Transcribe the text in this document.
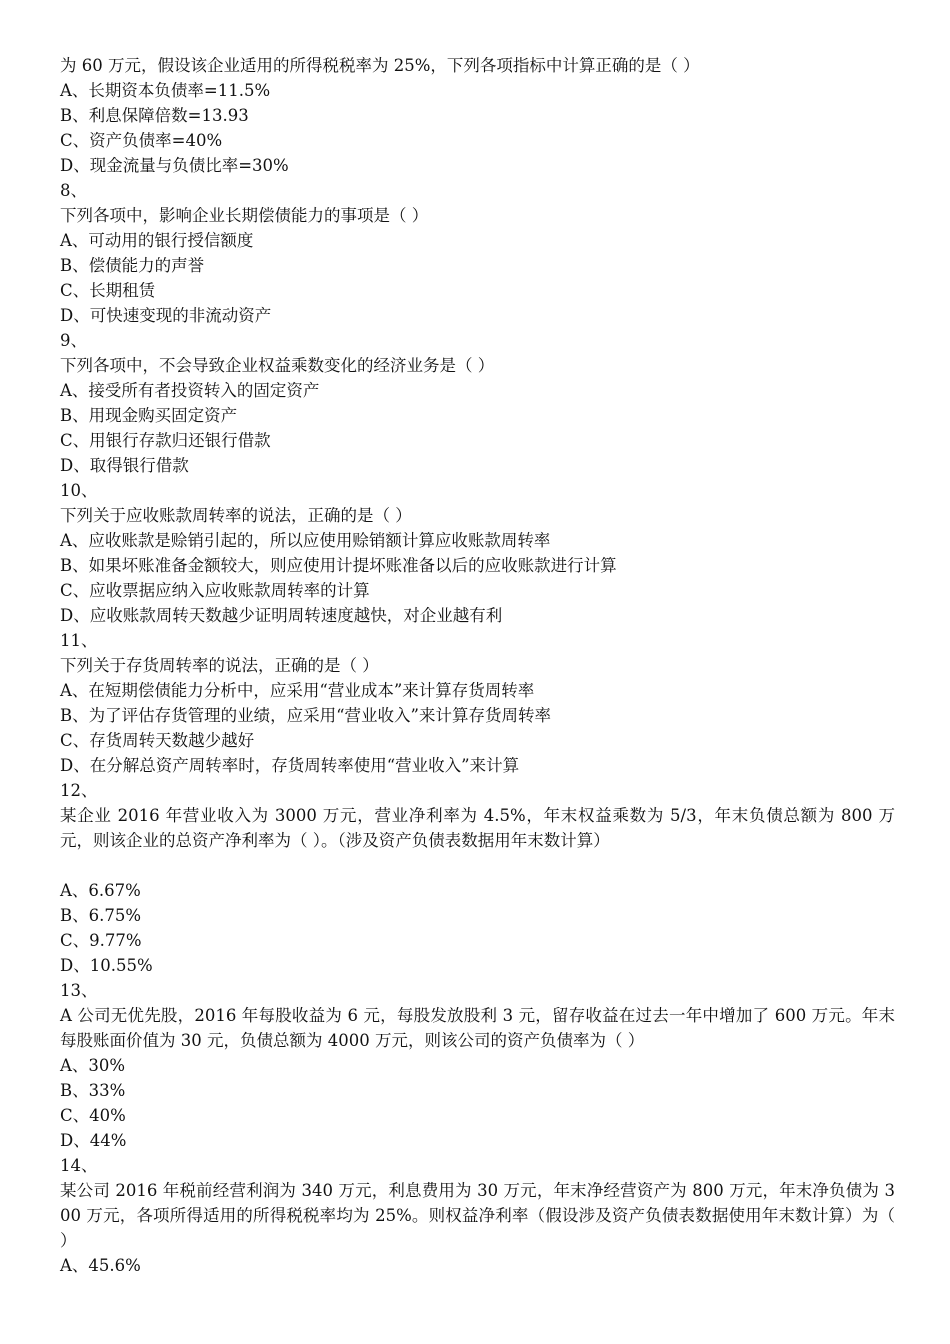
为 60 万元，假设该企业适用的所得税税率为 25%，下列各项指标中计算正确的是（ ）
A、长期资本负债率=11.5%
B、利息保障倍数=13.93
C、资产负债率=40%
D、现金流量与负债比率=30%
8、
下列各项中，影响企业长期偿债能力的事项是（ ）
A、可动用的银行授信额度
B、偿债能力的声誉
C、长期租赁
D、可快速变现的非流动资产
9、
下列各项中，不会导致企业权益乘数变化的经济业务是（ ）
A、接受所有者投资转入的固定资产
B、用现金购买固定资产
C、用银行存款归还银行借款
D、取得银行借款
10、
下列关于应收账款周转率的说法，正确的是（ ）
A、应收账款是赊销引起的，所以应使用赊销额计算应收账款周转率
B、如果坏账准备金额较大，则应使用计提坏账准备以后的应收账款进行计算
C、应收票据应纳入应收账款周转率的计算
D、应收账款周转天数越少证明周转速度越快，对企业越有利
11、
下列关于存货周转率的说法，正确的是（ ）
A、在短期偿债能力分析中，应采用“营业成本”来计算存货周转率
B、为了评估存货管理的业绩，应采用“营业收入”来计算存货周转率
C、存货周转天数越少越好
D、在分解总资产周转率时，存货周转率使用“营业收入”来计算
12、
某企业 2016 年营业收入为 3000 万元，营业净利率为 4.5%，年末权益乘数为 5/3，年末负债总额为 800 万元，则该企业的总资产净利率为（ ）。（涉及资产负债表数据用年末数计算）
A、6.67%
B、6.75%
C、9.77%
D、10.55%
13、
A 公司无优先股，2016 年每股收益为 6 元，每股发放股利 3 元，留存收益在过去一年中增加了 600 万元。年末每股账面价值为 30 元，负债总额为 4000 万元，则该公司的资产负债率为（ ）
A、30%
B、33%
C、40%
D、44%
14、
某公司 2016 年税前经营利润为 340 万元，利息费用为 30 万元，年末净经营资产为 800 万元，年末净负债为 300 万元，各项所得适用的所得税税率均为 25%。则权益净利率（假设涉及资产负债表数据使用年末数计算）为（ ）
A、45.6%
